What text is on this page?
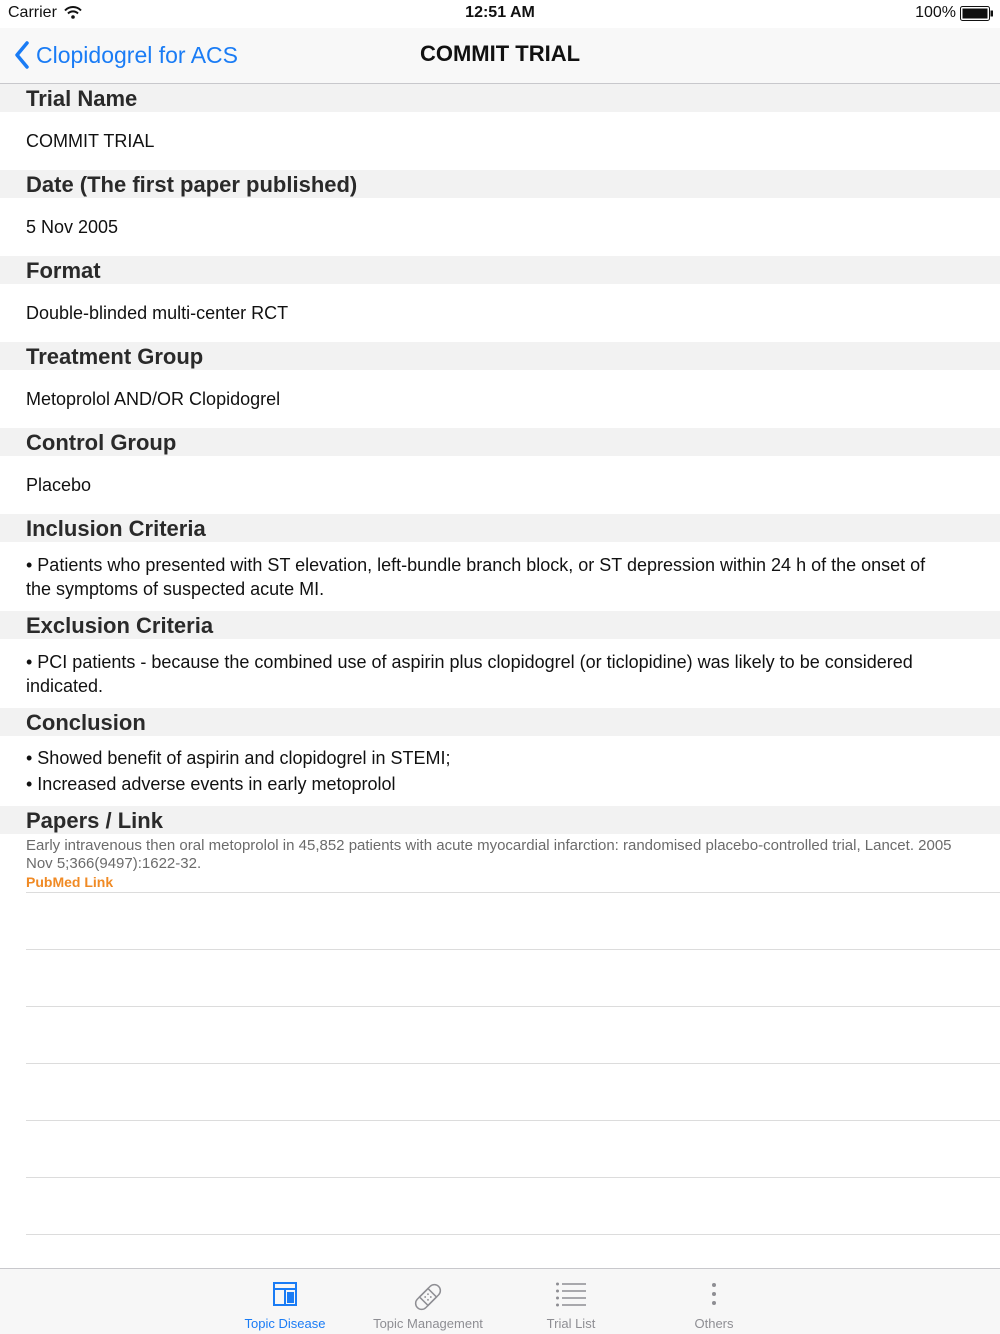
Carrier	12:51 AM	100%
Clopidogrel for ACS	COMMIT TRIAL
Trial Name
COMMIT TRIAL
Date (The first paper published)
5 Nov 2005
Format
Double-blinded multi-center RCT
Treatment Group
Metoprolol AND/OR Clopidogrel
Control Group
Placebo
Inclusion Criteria
• Patients who presented with ST elevation, left-bundle branch block, or ST depression within 24 h of the onset of the symptoms of suspected acute MI.
Exclusion Criteria
• PCI patients - because the combined use of aspirin plus clopidogrel (or ticlopidine) was likely to be considered indicated.
Conclusion

• Showed benefit of aspirin and clopidogrel in STEMI;

• Increased adverse events in early metoprolol

Papers / Link
Early intravenous then oral metoprolol in 45,852 patients with acute myocardial infarction: randomised placebo-controlled trial, Lancet. 2005 Nov 5;366(9497):1622-32.
PubMed Link
Topic Disease	Topic Management	Trial List	Others
